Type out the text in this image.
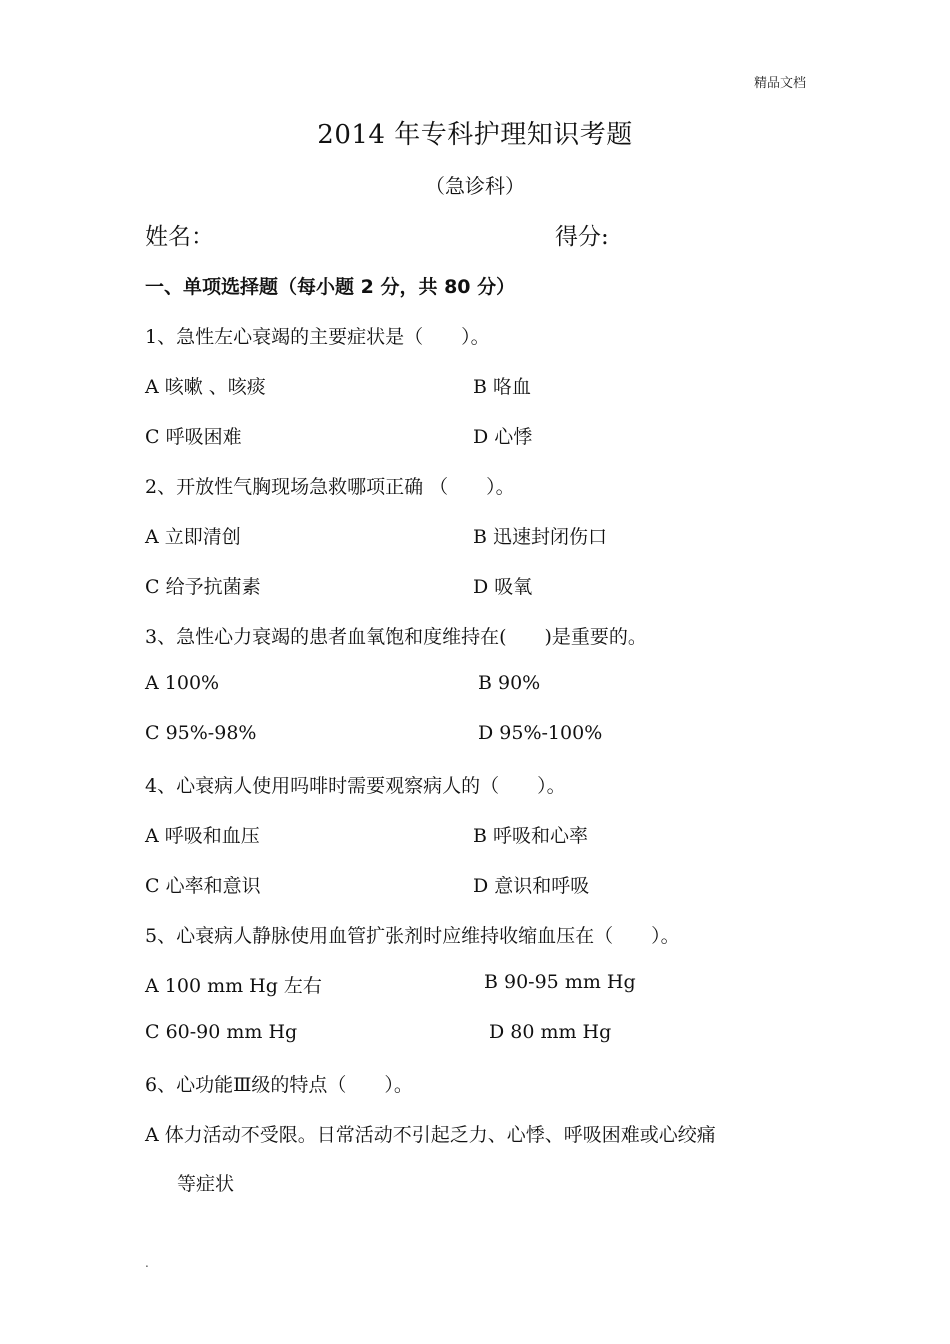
精品文档
2014 年专科护理知识考题
（急诊科）
姓名：	得分:
一、单项选择题（每小题 2 分，共 80 分）
1、急性左心衰竭的主要症状是（　　）。
A 咳嗽 、咳痰	B 咯血
C 呼吸困难	D 心悸
2、开放性气胸现场急救哪项正确 （　　）。
A 立即清创	B 迅速封闭伤口
C 给予抗菌素	D 吸氧
3、急性心力衰竭的患者血氧饱和度维持在(　　)是重要的。
A 100%	B 90%
C 95%-98%	D 95%-100%
4、心衰病人使用吗啡时需要观察病人的（　　）。
A 呼吸和血压	B 呼吸和心率
C 心率和意识	D 意识和呼吸
5、心衰病人静脉使用血管扩张剂时应维持收缩血压在（　　）。
A 100 mm Hg 左右	B 90-95 mm Hg
C 60-90 mm Hg	D 80 mm Hg
6、心功能Ⅲ级的特点（　　）。
A 体力活动不受限。日常活动不引起乏力、心悸、呼吸困难或心绞痛
等症状
.
